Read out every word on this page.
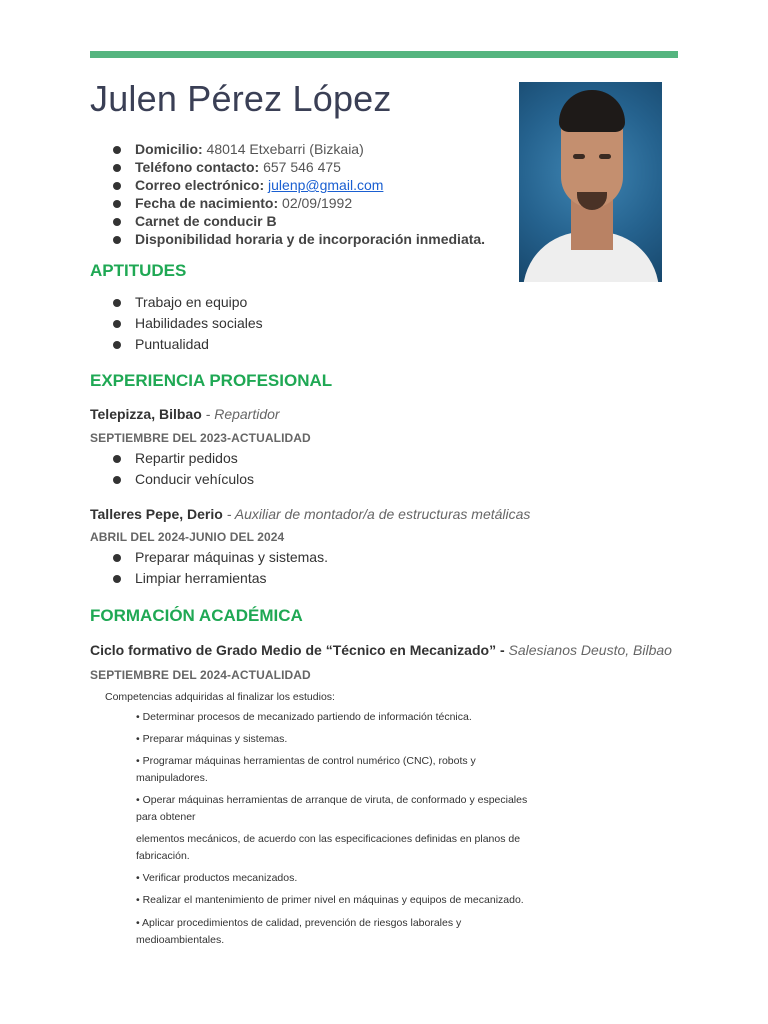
Julen Pérez López
Domicilio: 48014 Etxebarri (Bizkaia)
Teléfono contacto: 657 546 475
Correo electrónico: julenp@gmail.com
Fecha de nacimiento: 02/09/1992
Carnet de conducir B
Disponibilidad horaria y de incorporación inmediata.
APTITUDES
Trabajo en equipo
Habilidades sociales
Puntualidad
EXPERIENCIA PROFESIONAL
Telepizza, Bilbao - Repartidor
SEPTIEMBRE DEL 2023-ACTUALIDAD
Repartir pedidos
Conducir vehículos
Talleres Pepe, Derio - Auxiliar de montador/a de estructuras metálicas
ABRIL DEL 2024-JUNIO DEL 2024
Preparar máquinas y sistemas.
Limpiar herramientas
FORMACIÓN ACADÉMICA
Ciclo formativo de Grado Medio de “Técnico en Mecanizado” - Salesianos Deusto, Bilbao
SEPTIEMBRE DEL 2024-ACTUALIDAD
Competencias adquiridas al finalizar los estudios:
• Determinar procesos de mecanizado partiendo de información técnica.
• Preparar máquinas y sistemas.
• Programar máquinas herramientas de control numérico (CNC), robots y
manipuladores.
• Operar máquinas herramientas de arranque de viruta, de conformado y especiales
para obtener
elementos mecánicos, de acuerdo con las especificaciones definidas en planos de
fabricación.
• Verificar productos mecanizados.
• Realizar el mantenimiento de primer nivel en máquinas y equipos de mecanizado.
• Aplicar procedimientos de calidad, prevención de riesgos laborales y
medioambientales.
